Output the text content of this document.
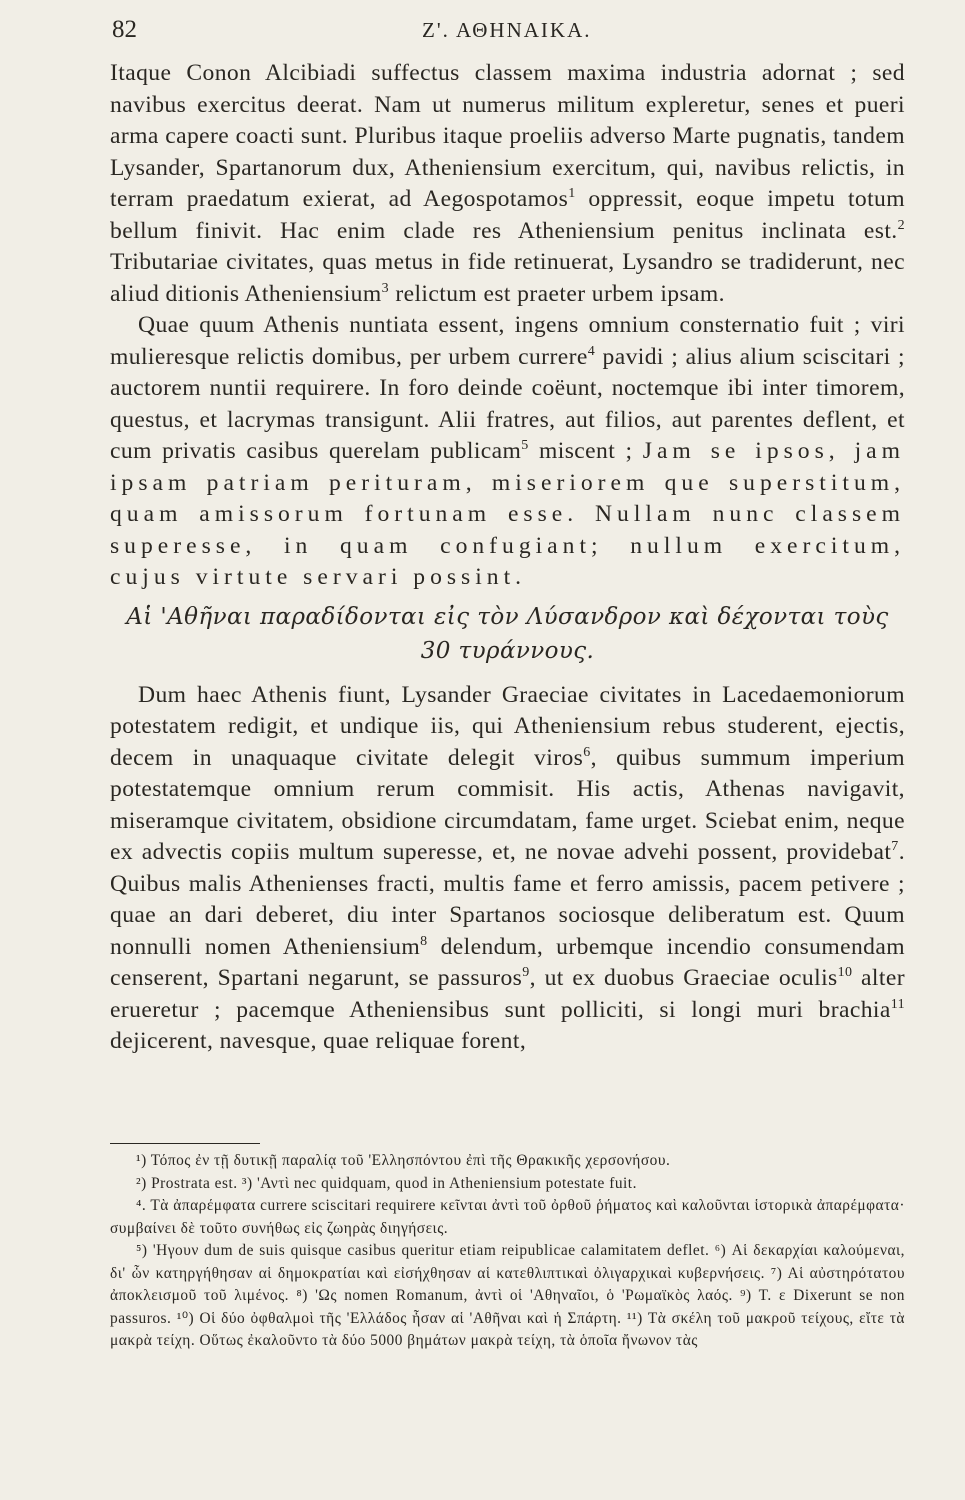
82	Ζ'. ΑΘΗΝΑΙΚΑ.

Itaque Conon Alcibiadi suffectus classem maxima industria adornat ; sed navibus exercitus deerat. Nam ut numerus militum expleretur, senes et pueri arma capere coacti sunt. Pluribus itaque proeliis adverso Marte pugnatis, tandem Lysander, Spartanorum dux, Atheniensium exercitum, qui, navibus relictis, in terram praedatum exierat, ad Aegospotamos$^1$ oppressit, eoque impetu totum bellum finivit. Hac enim clade res Atheniensium penitus inclinata est.$^2$ Tributariae civitates, quas metus in fide retinuerat, Lysandro se tradiderunt, nec aliud ditionis Atheniensium$^3$ relictum est praeter urbem ipsam.

Quae quum Athenis nuntiata essent, ingens omnium consternatio fuit ; viri mulieresque relictis domibus, per urbem currere$^4$ pavidi ; alius alium sciscitari ; auctorem nuntii requirere. In foro deinde coëunt, noctemque ibi inter timorem, questus, et lacrymas transigunt. Alii fratres, aut filios, aut parentes deflent, et cum privatis casibus querelam publicam$^5$ miscent ; Jam se ipsos, jam ipsam patriam perituram, miseriorem que superstitum, quam amissorum fortunam esse. Nullam nunc classem superesse, in quam confugiant; nullum exercitum, cujus virtute servari possint.

Αἱ 'Αθῆναι παραδίδονται εἰς τὸν Λύσανδρον καὶ δέχονται τοὺς 30 τυράννους.

Dum haec Athenis fiunt, Lysander Graeciae civitates in Lacedaemoniorum potestatem redigit, et undique iis, qui Atheniensium rebus studerent, ejectis, decem in unaquaque civitate delegit viros$^6$, quibus summum imperium potestatemque omnium rerum commisit. His actis, Athenas navigavit, miseramque civitatem, obsidione circumdatam, fame urget. Sciebat enim, neque ex advectis copiis multum superesse, et, ne novae advehi possent, providebat$^7$. Quibus malis Athenienses fracti, multis fame et ferro amissis, pacem petivere ; quae an dari deberet, diu inter Spartanos sociosque deliberatum est. Quum nonnulli nomen Atheniensium$^8$ delendum, urbemque incendio consumendam censerent, Spartani negarunt, se passuros$^9$, ut ex duobus Graeciae oculis$^{10}$ alter erueretur ; pacemque Atheniensibus sunt polliciti, si longi muri brachia$^{11}$ dejicerent, navesque, quae reliquae forent,

¹) Τόπος ἐν τῇ δυτικῇ παραλίᾳ τοῦ 'Ελλησπόντου ἐπὶ τῆς Θρακικῆς χερσονήσου.

²) Prostrata est. ³) 'Αντὶ nec quidquam, quod in Atheniensium potestate fuit.

⁴. Τὰ ἀπαρέμφατα currere sciscitari requirere κεῖνται ἀντὶ τοῦ ὀρθοῦ ῥήματος καὶ καλοῦνται ἱστορικὰ ἀπαρέμφατα· συμβαίνει δὲ τοῦτο συνήθως εἰς ζωηρὰς διηγήσεις.

⁵) 'Ηγουν dum de suis quisque casibus queritur etiam reipublicae calamitatem deflet. ⁶) Αἱ δεκαρχίαι καλούμεναι, δι' ὧν κατηργήθησαν αἱ δημοκρατίαι καὶ εἰσήχθησαν αἱ κατεθλιπτικαὶ ὀλιγαρχικαὶ κυβερνήσεις. ⁷) Αἱ αὐστηρότατου ἀποκλεισμοῦ τοῦ λιμένος. ⁸) 'Ως nomen Romanum, ἀντὶ οἱ 'Αθηναῖοι, ὁ 'Ρωμαϊκὸς λαός. ⁹) Τ. ε Dixerunt se non passuros. ¹⁰) Οἱ δύο ὀφθαλμοὶ τῆς 'Ελλάδος ἦσαν αἱ 'Αθῆναι καὶ ἡ Σπάρτη. ¹¹) Τὰ σκέλη τοῦ μακροῦ τείχους, εἴτε τὰ μακρὰ τείχη. Οὕτως ἐκαλοῦντο τὰ δύο 5000 βημάτων μακρὰ τείχη, τὰ ὁποῖα ἤνωνον τὰς
